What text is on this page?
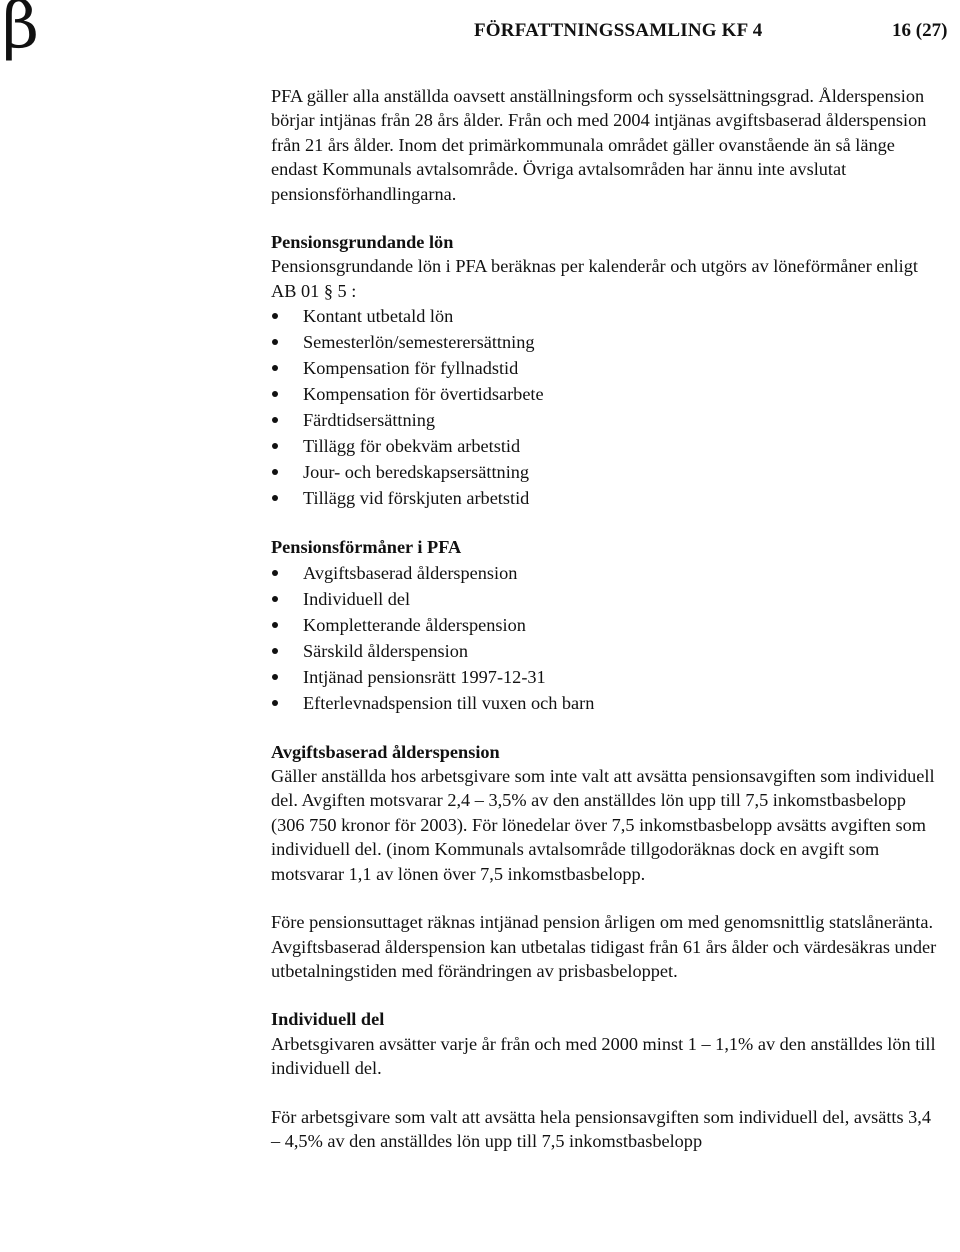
β	FÖRFATTNINGSSAMLING KF 4	16 (27)

PFA gäller alla anställda oavsett anställningsform och sysselsättningsgrad. Ålderspension börjar intjänas från 28 års ålder. Från och med 2004 intjänas avgiftsbaserad ålderspension från 21 års ålder. Inom det primärkommunala området gäller ovanstående än så länge endast Kommunals avtalsområde. Övriga avtalsområden har ännu inte avslutat pensionsförhandlingarna.

Pensionsgrundande lön

Pensionsgrundande lön i PFA beräknas per kalenderår och utgörs av löneförmåner enligt AB 01 § 5 :

Kontant utbetald lön
Semesterlön/semesterersättning
Kompensation för fyllnadstid
Kompensation för övertidsarbete
Färdtidsersättning
Tillägg för obekväm arbetstid
Jour- och beredskapsersättning
Tillägg vid förskjuten arbetstid

Pensionsförmåner i PFA

Avgiftsbaserad ålderspension
Individuell del
Kompletterande ålderspension
Särskild ålderspension
Intjänad pensionsrätt 1997-12-31
Efterlevnadspension till vuxen och barn

Avgiftsbaserad ålderspension

Gäller anställda hos arbetsgivare som inte valt att avsätta pensionsavgiften som individuell del. Avgiften motsvarar 2,4 – 3,5% av den anställdes lön upp till 7,5 inkomstbasbelopp (306 750 kronor för 2003). För lönedelar över 7,5 inkomstbasbelopp avsätts avgiften som individuell del. (inom Kommunals avtalsområde tillgodoräknas dock en avgift som motsvarar 1,1 av lönen över 7,5 inkomstbasbelopp.

Före pensionsuttaget räknas intjänad pension årligen om med genomsnittlig statslåneränta. Avgiftsbaserad ålderspension kan utbetalas tidigast från 61 års ålder och värdesäkras under utbetalningstiden med förändringen av prisbasbeloppet.

Individuell del

Arbetsgivaren avsätter varje år från och med 2000 minst 1 – 1,1% av den anställdes lön till individuell del.

För arbetsgivare som valt att avsätta hela pensionsavgiften som individuell del, avsätts 3,4 – 4,5% av den anställdes lön upp till 7,5 inkomstbasbelopp
